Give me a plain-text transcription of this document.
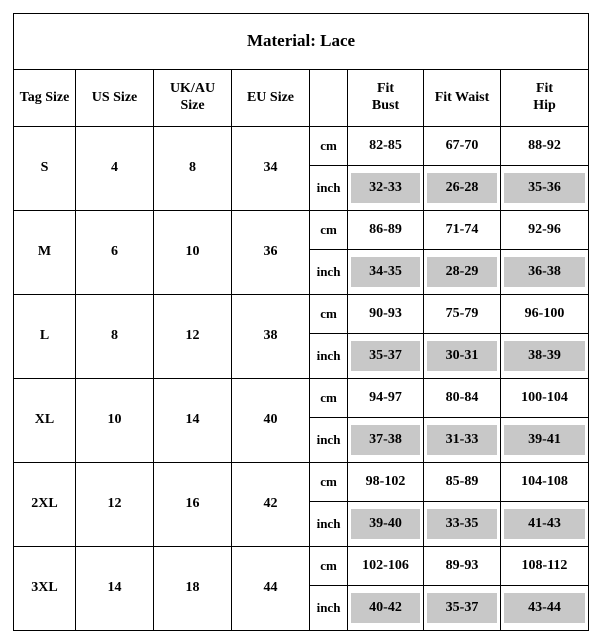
Material: Lace							
Tag Size	US Size	UK/AU Size	EU Size		Fit Bust	Fit Waist	Fit Hip
S	4	8	34	cm	82-85	67-70	88-92
				inch	32-33	26-28	35-36

M	6	10	36	cm	86-89	71-74	92-96
				inch	34-35	28-29	36-38

L	8	12	38	cm	90-93	75-79	96-100
				inch	35-37	30-31	38-39

XL	10	14	40	cm	94-97	80-84	100-104
				inch	37-38	31-33	39-41

2XL	12	16	42	cm	98-102	85-89	104-108
				inch	39-40	33-35	41-43

3XL	14	18	44	cm	102-106	89-93	108-112
				inch	40-42	35-37	43-44
